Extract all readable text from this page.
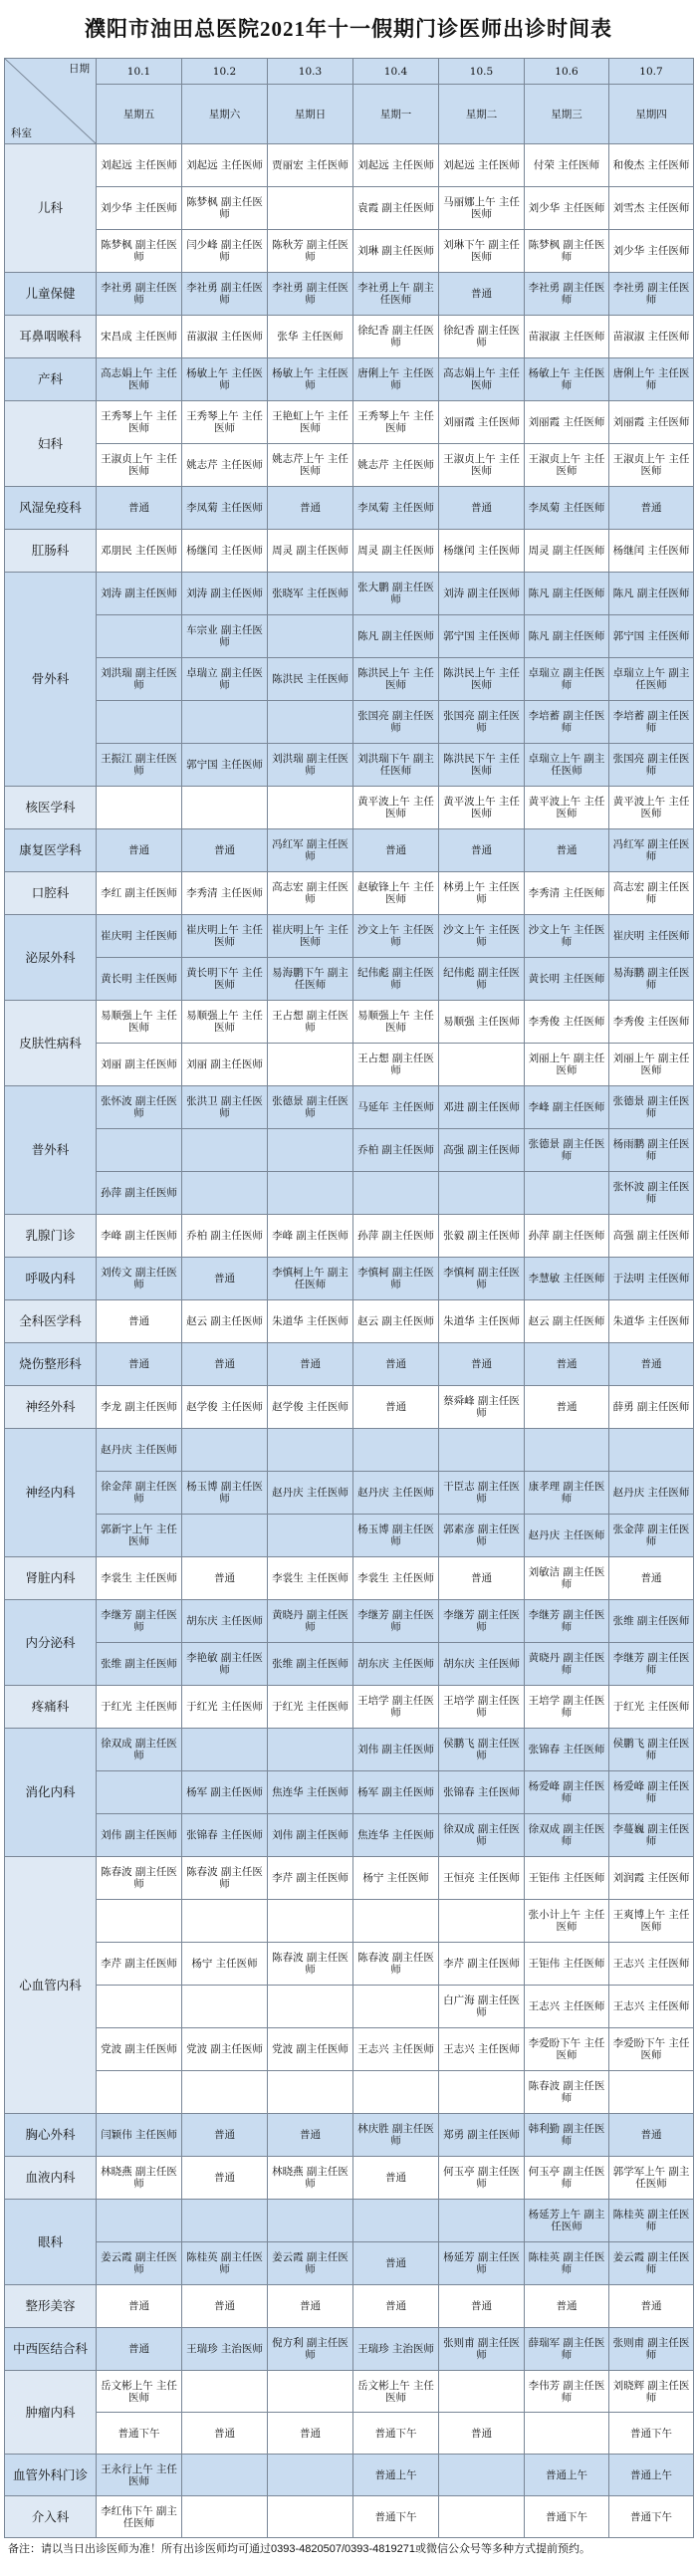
濮阳市油田总医院2021年十一假期门诊医师出诊时间表
日期
科室	10.1	10.2	10.3	10.4	10.5	10.6	10.7
	星期五	星期六	星期日	星期一	星期二	星期三	星期四
儿科	刘起远 主任医师	刘起远 主任医师	贾丽宏 主任医师	刘起远 主任医师	刘起远 主任医师	付荣 主任医师	和俊杰 主任医师
	刘少华 主任医师	陈梦枫 副主任医师		袁霞 副主任医师	马丽娜上午 主任医师	刘少华 主任医师	刘雪杰 主任医师
	陈梦枫 副主任医师	闫少峰 副主任医师	陈秋芳 副主任医师	刘琳 副主任医师	刘琳下午 副主任医师	陈梦枫 副主任医师	刘少华 主任医师
儿童保健	李社勇 副主任医师	李社勇 副主任医师	李社勇 副主任医师	李社勇上午 副主任医师	普通	李社勇 副主任医师	李社勇 副主任医师
耳鼻咽喉科	宋昌成 主任医师	苗淑淑 主任医师	张华 主任医师	徐纪香 副主任医师	徐纪香 副主任医师	苗淑淑 主任医师	苗淑淑 主任医师
产科	高志娟上午 主任医师	杨敏上午 主任医师	杨敏上午 主任医师	唐俐上午 主任医师	高志娟上午 主任医师	杨敏上午 主任医师	唐俐上午 主任医师
妇科	王秀琴上午 主任医师	王秀琴上午 主任医师	王艳虹上午 主任医师	王秀琴上午 主任医师	刘丽霞 主任医师	刘丽霞 主任医师	刘丽霞 主任医师
	王淑贞上午 主任医师	姚志芹 主任医师	姚志芹上午 主任医师	姚志芹 主任医师	王淑贞上午 主任医师	王淑贞上午 主任医师	王淑贞上午 主任医师
风湿免疫科	普通	李凤菊 主任医师	普通	李凤菊 主任医师	普通	李凤菊 主任医师	普通
肛肠科	邓朋民 主任医师	杨继闰 主任医师	周灵 副主任医师	周灵 副主任医师	杨继闰 主任医师	周灵 副主任医师	杨继闰 主任医师
骨外科	刘涛 副主任医师	刘涛 副主任医师	张晓军 主任医师	张大鹏 副主任医师	刘涛 副主任医师	陈凡 副主任医师	陈凡 副主任医师
		车宗业 副主任医师		陈凡 副主任医师	郭宁国 主任医师	陈凡 副主任医师	郭宁国 主任医师
	刘洪瑞 副主任医师	卓瑞立 副主任医师	陈洪民 主任医师	陈洪民上午 主任医师	陈洪民上午 主任医师	卓瑞立 副主任医师	卓瑞立上午 副主任医师
				张国亮 副主任医师	张国亮 副主任医师	李培蓄 副主任医师	李培蓄 副主任医师
	王振江 副主任医师	郭宁国 主任医师	刘洪瑞 副主任医师	刘洪瑞下午 副主任医师	陈洪民下午 主任医师	卓瑞立上午 副主任医师	张国亮 副主任医师
核医学科				黄平波上午 主任医师	黄平波上午 主任医师	黄平波上午 主任医师	黄平波上午 主任医师
康复医学科	普通	普通	冯红军 副主任医师	普通	普通	普通	冯红军 副主任医师
口腔科	李红 副主任医师	李秀清 主任医师	高志宏 副主任医师	赵敏锋上午 主任医师	林勇上午 主任医师	李秀清 主任医师	高志宏 副主任医师
泌尿外科	崔庆明 主任医师	崔庆明上午 主任医师	崔庆明上午 主任医师	沙文上午 主任医师	沙文上午 主任医师	沙文上午 主任医师	崔庆明 主任医师
	黄长明 主任医师	黄长明下午 主任医师	易海鹏下午 副主任医师	纪伟彪 副主任医师	纪伟彪 副主任医师	黄长明 主任医师	易海鹏 副主任医师
皮肤性病科	易顺强上午 主任医师	易顺强上午 主任医师	王占想 副主任医师	易顺强上午 主任医师	易顺强 主任医师	李秀俊 主任医师	李秀俊 主任医师
	刘丽 副主任医师	刘丽 副主任医师		王占想 副主任医师		刘丽上午 副主任医师	刘丽上午 副主任医师
普外科	张怀波 副主任医师	张洪卫 副主任医师	张德景 副主任医师	马延年 主任医师	邓进 副主任医师	李峰 副主任医师	张德景 副主任医师
				乔柏 副主任医师	高强 副主任医师	张德景 副主任医师	杨雨鹏 副主任医师
	孙萍 副主任医师						张怀波 副主任医师
乳腺门诊	李峰 副主任医师	乔柏 副主任医师	李峰 副主任医师	孙萍 副主任医师	张毅 副主任医师	孙萍 副主任医师	高强 副主任医师
呼吸内科	刘传文 副主任医师	普通	李慎柯上午 副主任医师	李慎柯 副主任医师	李慎柯 副主任医师	李慧敏 主任医师	于法明 主任医师
全科医学科	普通	赵云 副主任医师	朱道华 主任医师	赵云 副主任医师	朱道华 主任医师	赵云 副主任医师	朱道华 主任医师
烧伤整形科	普通	普通	普通	普通	普通	普通	普通
神经外科	李龙 副主任医师	赵学俊 主任医师	赵学俊 主任医师	普通	蔡舜峰 副主任医师	普通	薛勇 副主任医师
神经内科	赵丹庆 主任医师						
	徐金萍 副主任医师	杨玉博 副主任医师	赵丹庆 主任医师	赵丹庆 主任医师	干臣志 副主任医师	康孝理 副主任医师	赵丹庆 主任医师
	郭新宇上午 主任医师			杨玉博 副主任医师	郭素彦 副主任医师	赵丹庆 主任医师	张金萍 副主任医师
肾脏内科	李裳生 主任医师	普通	李裳生 主任医师	李裳生 主任医师	普通	刘敏洁 副主任医师	普通
内分泌科	李继芳 副主任医师	胡东庆 主任医师	黄晓丹 副主任医师	李继芳 副主任医师	李继芳 副主任医师	李继芳 副主任医师	张维 副主任医师
	张维 副主任医师	李艳敏 副主任医师	张维 副主任医师	胡东庆 主任医师	胡东庆 主任医师	黄晓丹 副主任医师	李继芳 副主任医师
疼痛科	于红光 主任医师	于红光 主任医师	于红光 主任医师	王培学 副主任医师	王培学 副主任医师	王培学 副主任医师	于红光 主任医师
消化内科	徐双成 副主任医师			刘伟 副主任医师	侯鹏飞 副主任医师	张锦春 主任医师	侯鹏飞 副主任医师
		杨军 副主任医师	焦连华 主任医师	杨军 副主任医师	张锦春 主任医师	杨爱峰 副主任医师	杨爱峰 副主任医师
	刘伟 副主任医师	张锦春 主任医师	刘伟 副主任医师	焦连华 主任医师	徐双成 副主任医师	徐双成 副主任医师	李蔓巍 副主任医师
心血管内科	陈春波 副主任医师	陈春波 副主任医师	李芹 副主任医师	杨宁 主任医师	王恒亮 主任医师	王钜伟 主任医师	刘润霞 主任医师
						张小计上午 主任医师	王爽博上午 主任医师
	李芹 副主任医师	杨宁 主任医师	陈春波 副主任医师	陈春波 副主任医师	李芹 副主任医师	王钜伟 主任医师	王志兴 主任医师
					白广海 副主任医师	王志兴 主任医师	王志兴 主任医师
	党波 副主任医师	党波 副主任医师	党波 副主任医师	王志兴 主任医师	王志兴 主任医师	李爱盼下午 主任医师	李爱盼下午 主任医师
						陈春波 副主任医师	
胸心外科	闫颖伟 主任医师	普通	普通	林庆胜 副主任医师	郑勇 副主任医师	韩利勤 副主任医师	普通
血液内科	林晓燕 副主任医师	普通	林晓燕 副主任医师	普通	何玉亭 副主任医师	何玉亭 副主任医师	郭学军上午 副主任医师
眼科						杨延芳上午 副主任医师	陈桂英 副主任医师
	姜云霞 副主任医师	陈桂英 副主任医师	姜云霞 副主任医师	普通	杨延芳 副主任医师	陈桂英 副主任医师	姜云霞 副主任医师
整形美容	普通	普通	普通	普通	普通	普通	普通
中西医结合科	普通	王瑞珍 主治医师	倪方利 副主任医师	王瑞珍 主治医师	张则甫 副主任医师	薛瑞军 副主任医师	张则甫 副主任医师
肿瘤内科	岳文彬上午 主任医师			岳文彬上午 主任医师		李伟芳 副主任医师	刘晓辉 副主任医师
	普通下午	普通	普通	普通下午	普通		普通下午
血管外科门诊	王永行上午 主任医师			普通上午		普通上午	普通上午
介入科	李红伟下午 副主任医师			普通下午		普通下午	普通下午
备注：请以当日出诊医师为准！所有出诊医师均可通过0393-4820507/0393-4819271或微信公众号等多种方式提前预约。
